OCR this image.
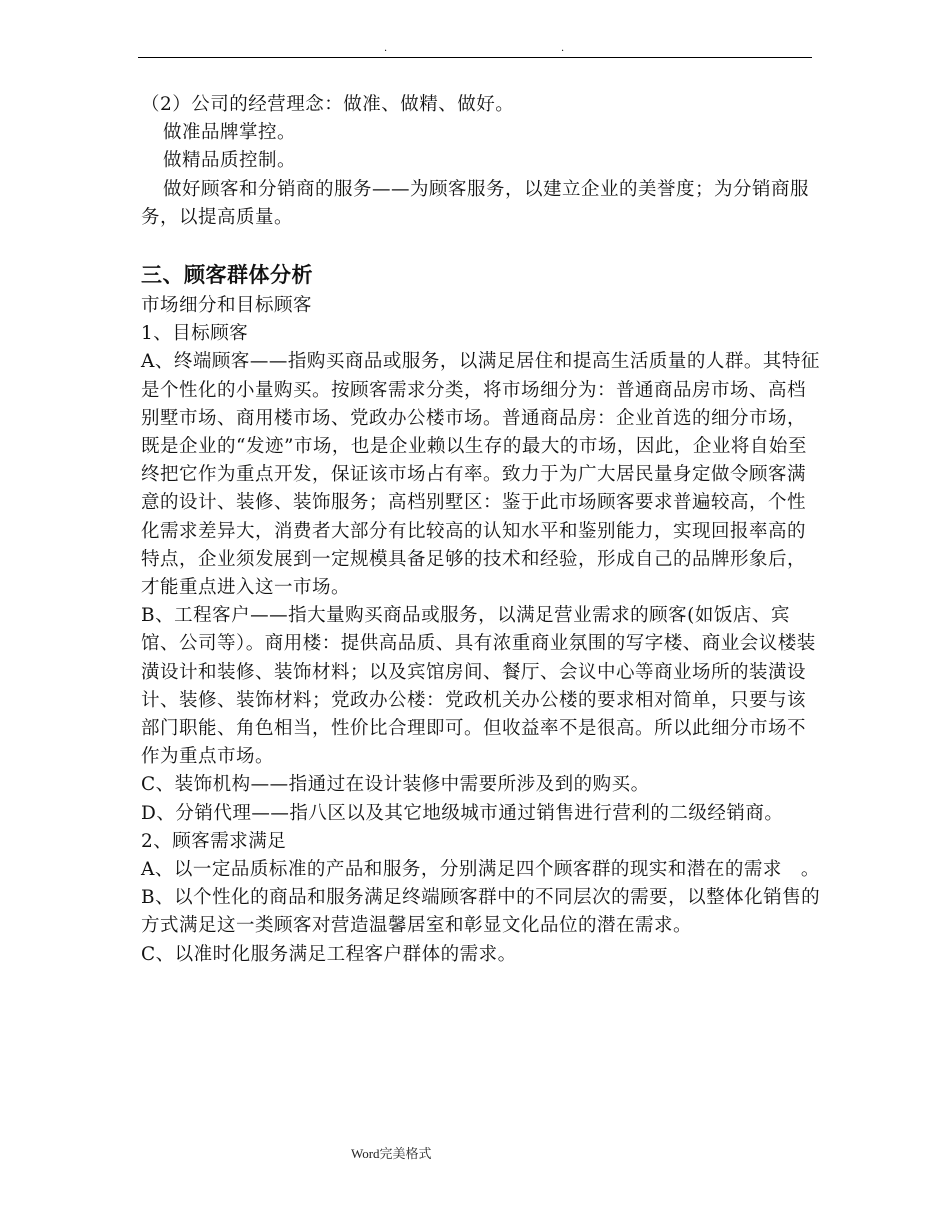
.	.

（2）公司的经营理念：做准、做精、做好。

做准品牌掌控。

做精品质控制。

做好顾客和分销商的服务——为顾客服务，以建立企业的美誉度；为分销商服务，以提高质量。

三、顾客群体分析

市场细分和目标顾客

1、目标顾客

A、终端顾客——指购买商品或服务，以满足居住和提高生活质量的人群。其特征是个性化的小量购买。按顾客需求分类，将市场细分为：普通商品房市场、高档别墅市场、商用楼市场、党政办公楼市场。普通商品房：企业首选的细分市场，既是企业的“发迹”市场，也是企业赖以生存的最大的市场，因此，企业将自始至终把它作为重点开发，保证该市场占有率。致力于为广大居民量身定做令顾客满意的设计、装修、装饰服务；高档别墅区：鉴于此市场顾客要求普遍较高，个性化需求差异大，消费者大部分有比较高的认知水平和鉴别能力，实现回报率高的特点，企业须发展到一定规模具备足够的技术和经验，形成自己的品牌形象后，才能重点进入这一市场。

B、工程客户——指大量购买商品或服务，以满足营业需求的顾客(如饭店、宾馆、公司等）。商用楼：提供高品质、具有浓重商业氛围的写字楼、商业会议楼装潢设计和装修、装饰材料；以及宾馆房间、餐厅、会议中心等商业场所的装潢设计、装修、装饰材料；党政办公楼：党政机关办公楼的要求相对简单，只要与该部门职能、角色相当，性价比合理即可。但收益率不是很高。所以此细分市场不作为重点市场。

C、装饰机构——指通过在设计装修中需要所涉及到的购买。

D、分销代理——指八区以及其它地级城市通过销售进行营利的二级经销商。

2、顾客需求满足

A、以一定品质标准的产品和服务，分别满足四个顾客群的现实和潜在的需求　。

B、以个性化的商品和服务满足终端顾客群中的不同层次的需要，以整体化销售的方式满足这一类顾客对营造温馨居室和彰显文化品位的潜在需求。

C、以准时化服务满足工程客户群体的需求。

Word完美格式
